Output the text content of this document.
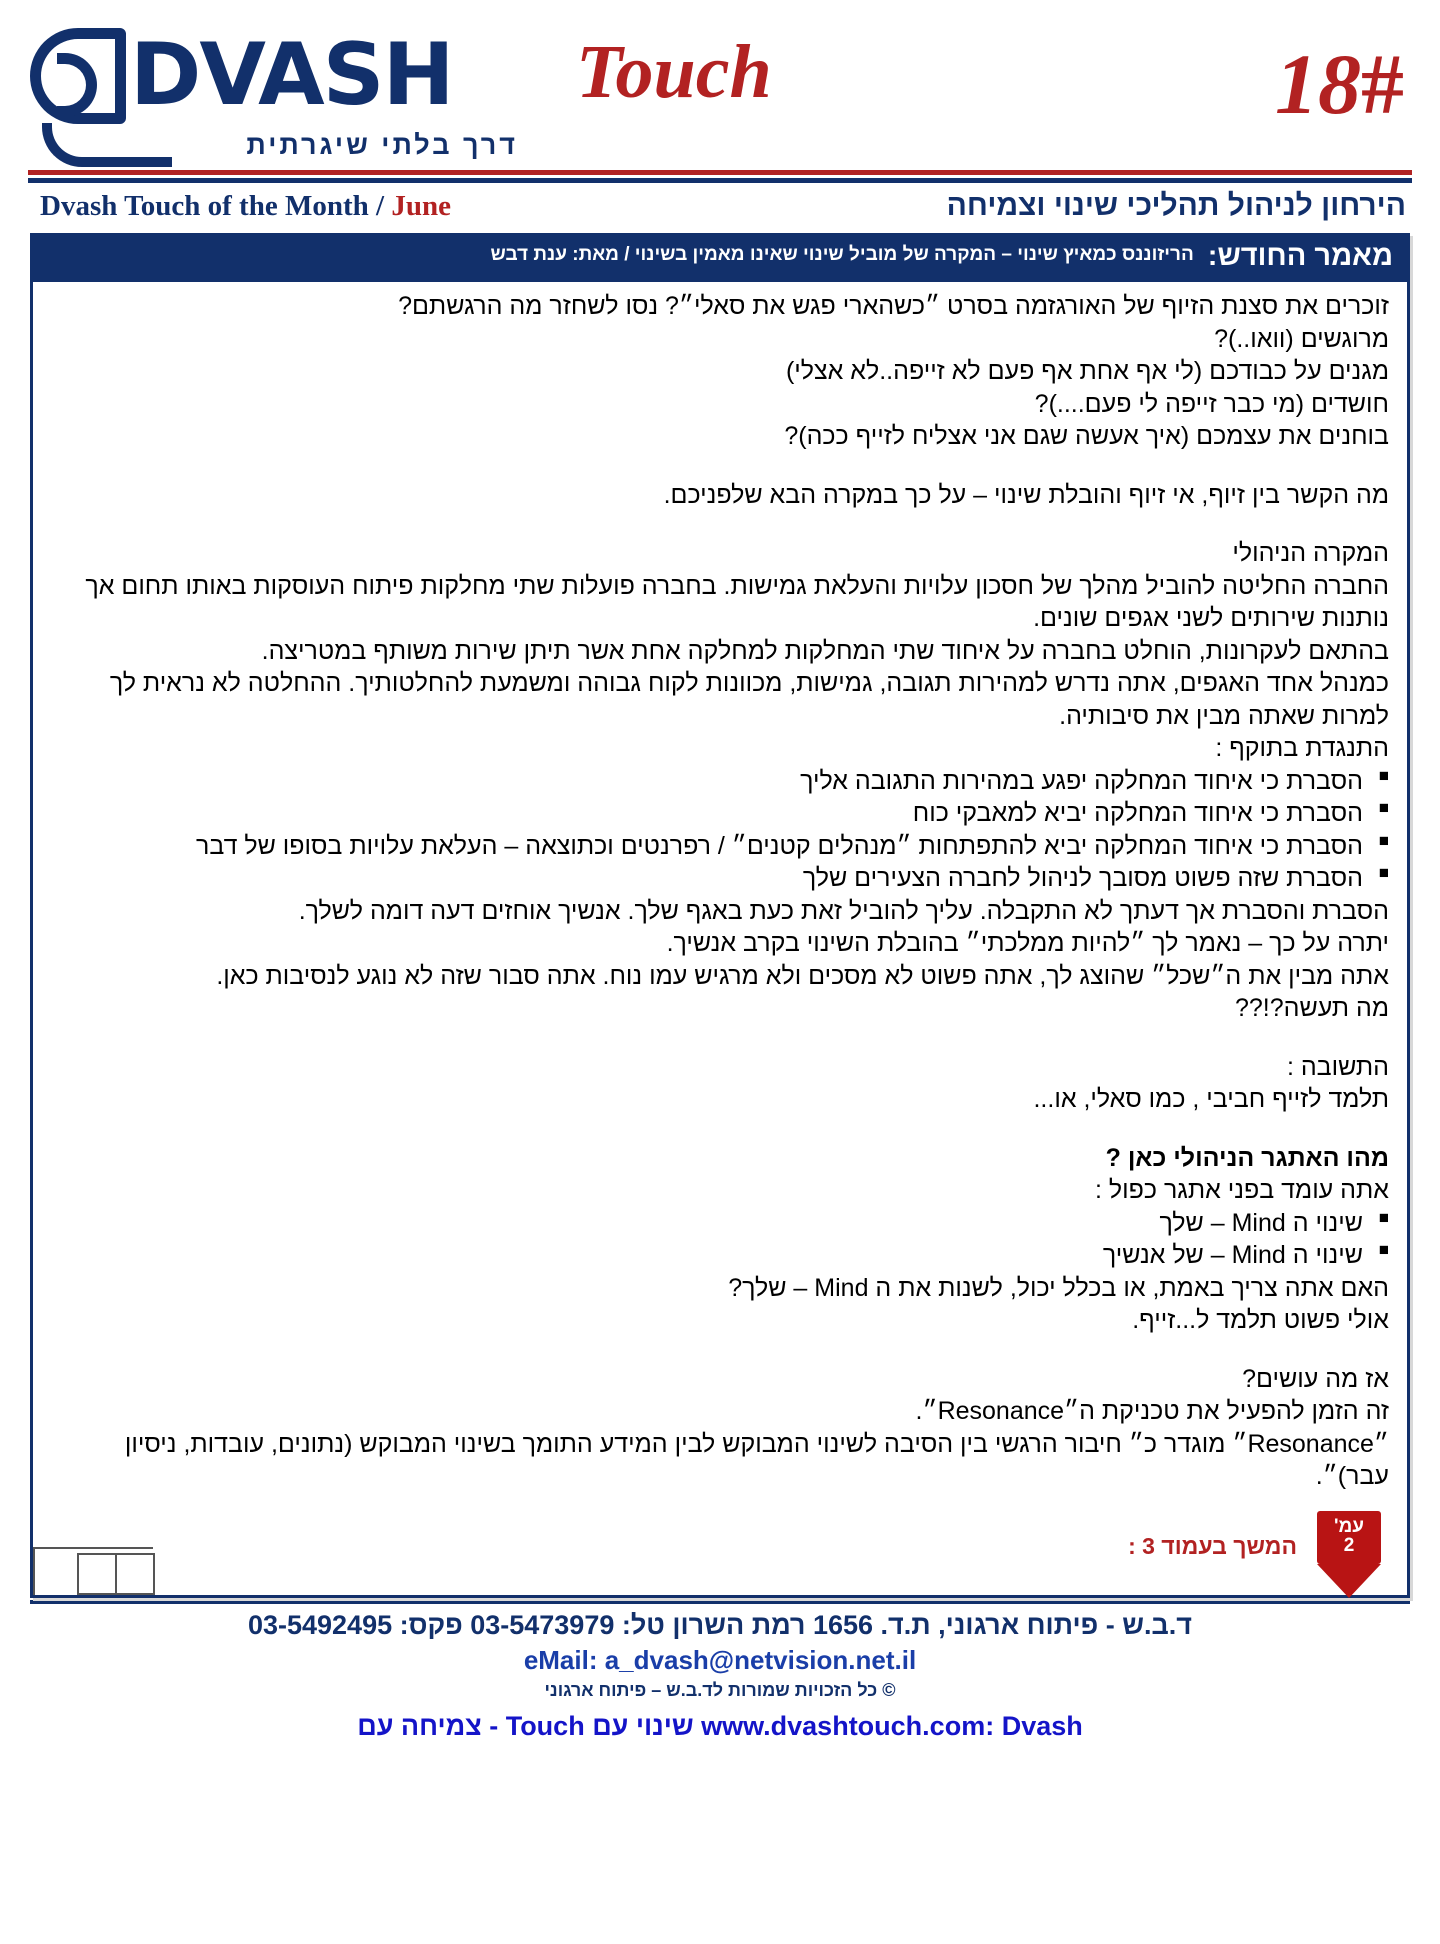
DVASH
דרך בלתי שיגרתית
Touch	18#
Dvash Touch of the Month / June	הירחון לניהול תהליכי שינוי וצמיחה
מאמר החודש:
הריזוננס כמאיץ שינוי – המקרה של מוביל שינוי שאינו מאמין בשינוי / מאת: ענת דבש

זוכרים את סצנת הזיוף של האורגזמה בסרט ״כשהארי פגש את סאלי״? נסו לשחזר מה הרגשתם?

מרוגשים (וואו..)?

מגנים על כבודכם (לי אף אחת אף פעם לא זייפה..לא אצלי)

חושדים (מי כבר זייפה לי פעם....)?

בוחנים את עצמכם (איך אעשה שגם אני אצליח לזייף ככה)?

מה הקשר בין זיוף, אי זיוף והובלת שינוי – על כך במקרה הבא שלפניכם.

המקרה הניהולי

החברה החליטה להוביל מהלך של חסכון עלויות והעלאת גמישות. בחברה פועלות שתי מחלקות פיתוח העוסקות באותו תחום אך נותנות שירותים לשני אגפים שונים.

בהתאם לעקרונות, הוחלט בחברה על איחוד שתי המחלקות למחלקה אחת אשר תיתן שירות משותף במטריצה.

כמנהל אחד האגפים, אתה נדרש למהירות תגובה, גמישות, מכוונות לקוח גבוהה ומשמעת להחלטותיך. ההחלטה לא נראית לך למרות שאתה מבין את סיבותיה.

התנגדת בתוקף :

■ הסברת כי איחוד המחלקה יפגע במהירות התגובה אליך
■ הסברת כי איחוד המחלקה יביא למאבקי כוח
■ הסברת כי איחוד המחלקה יביא להתפתחות ״מנהלים קטנים״ / רפרנטים וכתוצאה – העלאת עלויות בסופו של דבר
■ הסברת שזה פשוט מסובך לניהול לחברה הצעירים שלך

הסברת והסברת אך דעתך לא התקבלה. עליך להוביל זאת כעת באגף שלך. אנשיך אוחזים דעה דומה לשלך.

יתרה על כך – נאמר לך ״להיות ממלכתי״ בהובלת השינוי בקרב אנשיך.

אתה מבין את ה״שכל״ שהוצג לך, אתה פשוט לא מסכים ולא מרגיש עמו נוח. אתה סבור שזה לא נוגע לנסיבות כאן.

מה תעשה?!??

התשובה :

תלמד לזייף חביבי , כמו סאלי, או...

מהו האתגר הניהולי כאן ?

אתה עומד בפני אתגר כפול :

■ שינוי ה Mind – שלך
■ שינוי ה Mind – של אנשיך

האם אתה צריך באמת, או בכלל יכול, לשנות את ה Mind – שלך?

אולי פשוט תלמד ל...זייף.

אז מה עושים?

זה הזמן להפעיל את טכניקת ה״Resonance״.

״Resonance״ מוגדר כ״ חיבור הרגשי בין הסיבה לשינוי המבוקש לבין המידע התומך בשינוי המבוקש (נתונים, עובדות, ניסיון עבר)״.

המשך בעמוד 3 :
עמ'
2
ד.ב.ש - פיתוח ארגוני, ת.ד. 1656 רמת השרון טל: 03-5473979 פקס: 03-5492495
eMail: a_dvash@netvision.net.il
© כל הזכויות שמורות לד.ב.ש – פיתוח ארגוני
www.dvashtouch.com: Dvash שינוי עם Touch - צמיחה עם
